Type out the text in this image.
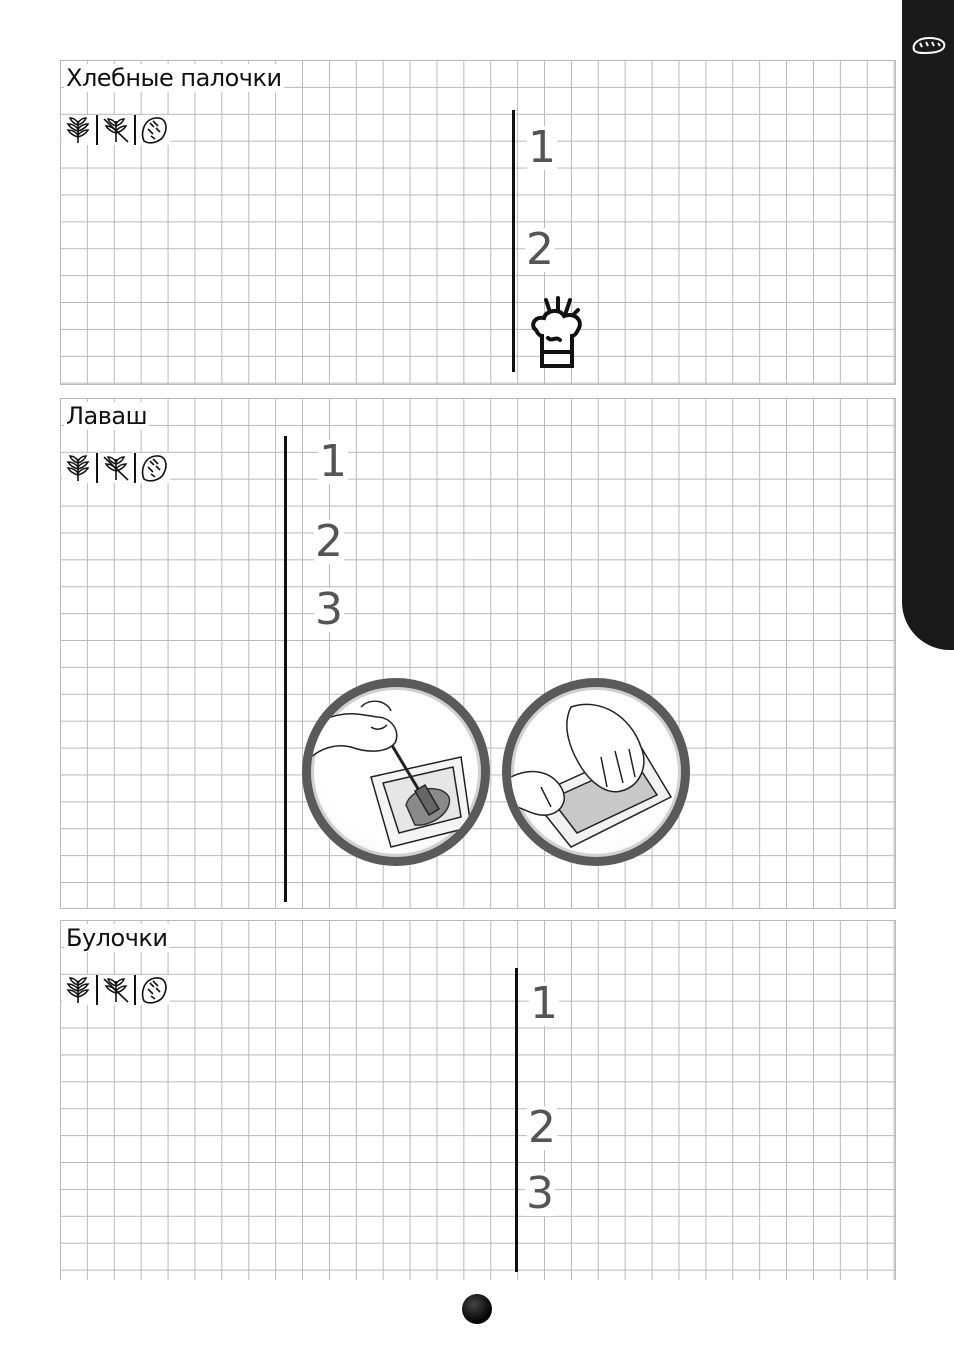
Хлебные палочки
1
2
Лаваш
1
2
3
Булочки
1
2
3
